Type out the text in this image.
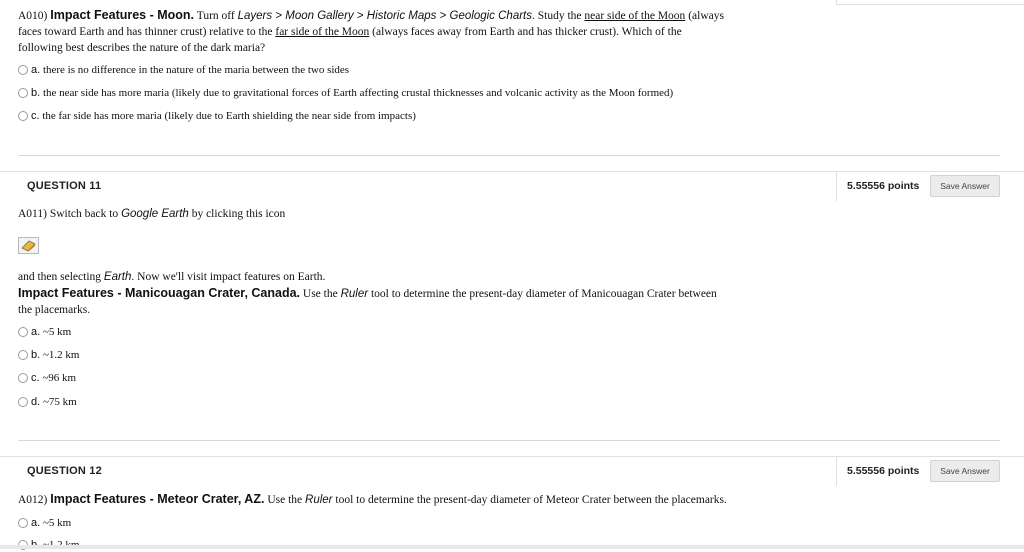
A010) Impact Features - Moon. Turn off Layers > Moon Gallery > Historic Maps > Geologic Charts. Study the near side of the Moon (always
faces toward Earth and has thinner crust) relative to the far side of the Moon (always faces away from Earth and has thicker crust). Which of the
following best describes the nature of the dark maria?
a. there is no difference in the nature of the maria between the two sides
b. the near side has more maria (likely due to gravitational forces of Earth affecting crustal thicknesses and volcanic activity as the Moon formed)
c. the far side has more maria (likely due to Earth shielding the near side from impacts)
QUESTION 11	5.55556 points	Save Answer
A011) Switch back to Google Earth by clicking this icon
and then selecting Earth. Now we'll visit impact features on Earth.
Impact Features - Manicouagan Crater, Canada. Use the Ruler tool to determine the present-day diameter of Manicouagan Crater between
the placemarks.
a. ~5 km
b. ~1.2 km
c. ~96 km
d. ~75 km
QUESTION 12	5.55556 points	Save Answer
A012) Impact Features - Meteor Crater, AZ. Use the Ruler tool to determine the present-day diameter of Meteor Crater between the placemarks.
a. ~5 km
